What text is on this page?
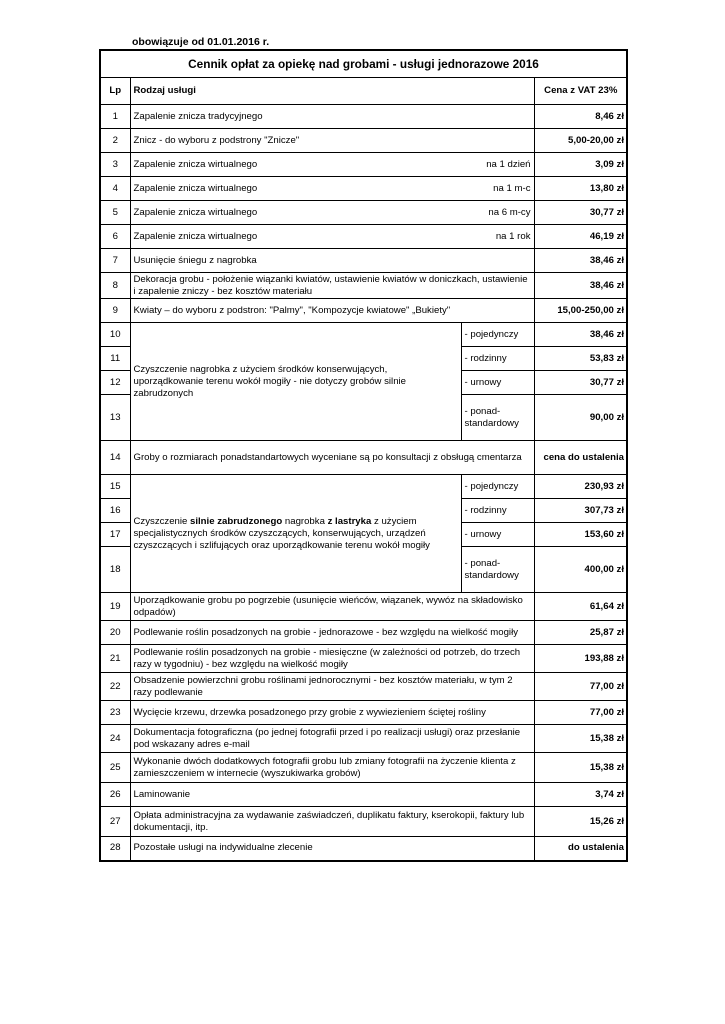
obowiązuje od 01.01.2016 r.
Cennik opłat za opiekę nad grobami - usługi jednorazowe 2016			
Lp	Rodzaj usługi		Cena z VAT 23%
1	Zapalenie znicza tradycyjnego		8,46 zł
2	Znicz - do wyboru z podstrony "Znicze"		5,00-20,00 zł
3	Zapalenie znicza wirtualnego	na 1 dzień	3,09 zł
4	Zapalenie znicza wirtualnego	na 1 m-c	13,80 zł
5	Zapalenie znicza wirtualnego	na 6 m-cy	30,77 zł
6	Zapalenie znicza wirtualnego	na 1 rok	46,19 zł
7	Usunięcie śniegu z nagrobka		38,46 zł
8	Dekoracja grobu - położenie wiązanki kwiatów, ustawienie kwiatów w doniczkach, ustawienie i zapalenie zniczy - bez kosztów materiału		38,46 zł
9	Kwiaty – do wyboru z podstron: "Palmy", "Kompozycje kwiatowe" „Bukiety"		15,00-250,00 zł
10	Czyszczenie nagrobka z użyciem środków konserwujących, uporządkowanie terenu wokół mogiły - nie dotyczy grobów silnie zabrudzonych	- pojedynczy	38,46 zł
11		- rodzinny	53,83 zł
12		- urnowy	30,77 zł
13		- ponad-standardowy	90,00 zł
14	Groby o rozmiarach ponadstandartowych wyceniane są po konsultacji z obsługą cmentarza		cena do ustalenia
15	Czyszczenie silnie zabrudzonego nagrobka z lastryka z użyciem specjalistycznych środków czyszczących, konserwujących, urządzeń czyszczących i szlifujących oraz uporządkowanie terenu wokół mogiły	- pojedynczy	230,93 zł
16		- rodzinny	307,73 zł
17		- urnowy	153,60 zł
18		- ponad-standardowy	400,00 zł
19	Uporządkowanie grobu po pogrzebie (usunięcie wieńców, wiązanek, wywóz na składowisko odpadów)		61,64 zł
20	Podlewanie roślin posadzonych na grobie - jednorazowe - bez względu na wielkość mogiły		25,87 zł
21	Podlewanie roślin posadzonych na grobie - miesięczne (w zależności od potrzeb, do trzech razy w tygodniu) - bez względu na wielkość mogiły		193,88 zł
22	Obsadzenie powierzchni grobu roślinami jednorocznymi - bez kosztów materiału, w tym 2 razy podlewanie		77,00 zł
23	Wycięcie krzewu, drzewka posadzonego przy grobie z wywiezieniem ściętej rośliny		77,00 zł
24	Dokumentacja fotograficzna (po jednej fotografii przed i po realizacji usługi) oraz przesłanie pod wskazany adres e-mail		15,38 zł
25	Wykonanie dwóch dodatkowych fotografii grobu lub zmiany fotografii na życzenie klienta z zamieszczeniem w internecie (wyszukiwarka grobów)		15,38 zł
26	Laminowanie		3,74 zł
27	Opłata administracyjna za wydawanie zaświadczeń, duplikatu faktury, kserokopii, faktury lub dokumentacji, itp.		15,26 zł
28	Pozostałe usługi na indywidualne zlecenie		do ustalenia
